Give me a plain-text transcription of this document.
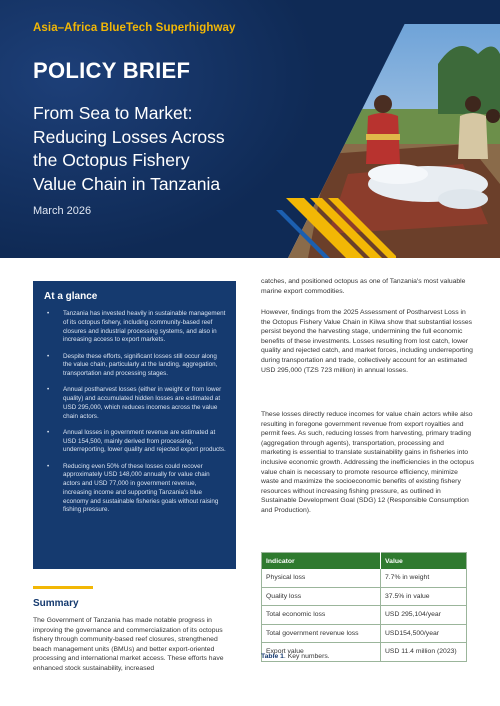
Asia–Africa BlueTech Superhighway
POLICY BRIEF
From Sea to Market:
Reducing Losses Across
the Octopus Fishery
Value Chain in Tanzania
March 2026
At a glance
• Tanzania has invested heavily in sustainable management of its octopus fishery, including community-based reef closures and industrial processing systems, and also in increasing access to export markets.
• Despite these efforts, significant losses still occur along the value chain, particularly at the landing, aggregation, transportation and processing stages.
• Annual postharvest losses (either in weight or from lower quality) and accumulated hidden losses are estimated at USD 295,000, which reduces incomes across the value chain actors.
• Annual losses in government revenue are estimated at USD 154,500, mainly derived from processing, underreporting, lower quality and rejected export products.
• Reducing even 50% of these losses could recover approximately USD 148,000 annually for value chain actors and USD 77,000 in government revenue, increasing income and supporting Tanzania's blue economy and sustainable fisheries goals without raising fishing pressure.
Summary
The Government of Tanzania has made notable progress in improving the governance and commercialization of its octopus fishery through community-based reef closures, strengthened beach management units (BMUs) and better export-oriented processing and international market access. These efforts have enhanced stock sustainability, increased
catches, and positioned octopus as one of Tanzania's most valuable marine export commodities.
However, findings from the 2025 Assessment of Postharvest Loss in the Octopus Fishery Value Chain in Kilwa show that substantial losses persist beyond the harvesting stage, undermining the full economic benefits of these investments. Losses resulting from lost catch, lower quality and rejected catch, and market forces, including underreporting during transportation and trade, collectively account for an estimated USD 295,000 (TZS 723 million) in annual losses.
These losses directly reduce incomes for value chain actors while also resulting in foregone government revenue from export royalties and permit fees. As such, reducing losses from harvesting, primary trading (aggregation through agents), transportation, processing and marketing is essential to translate sustainability gains in fisheries into inclusive economic growth. Addressing the inefficiencies in the octopus value chain is necessary to promote resource efficiency, minimize waste and maximize the socioeconomic benefits of existing fishery resources without increasing fishing pressure, as outlined in Sustainable Development Goal (SDG) 12 (Responsible Consumption and Production).
Indicator	Value
Physical loss	7.7% in weight
Quality loss	37.5% in value
Total economic loss	USD 295,104/year
Total government revenue loss	USD154,500/year
Export value	USD 11.4 million (2023)
Table 1. Key numbers.
